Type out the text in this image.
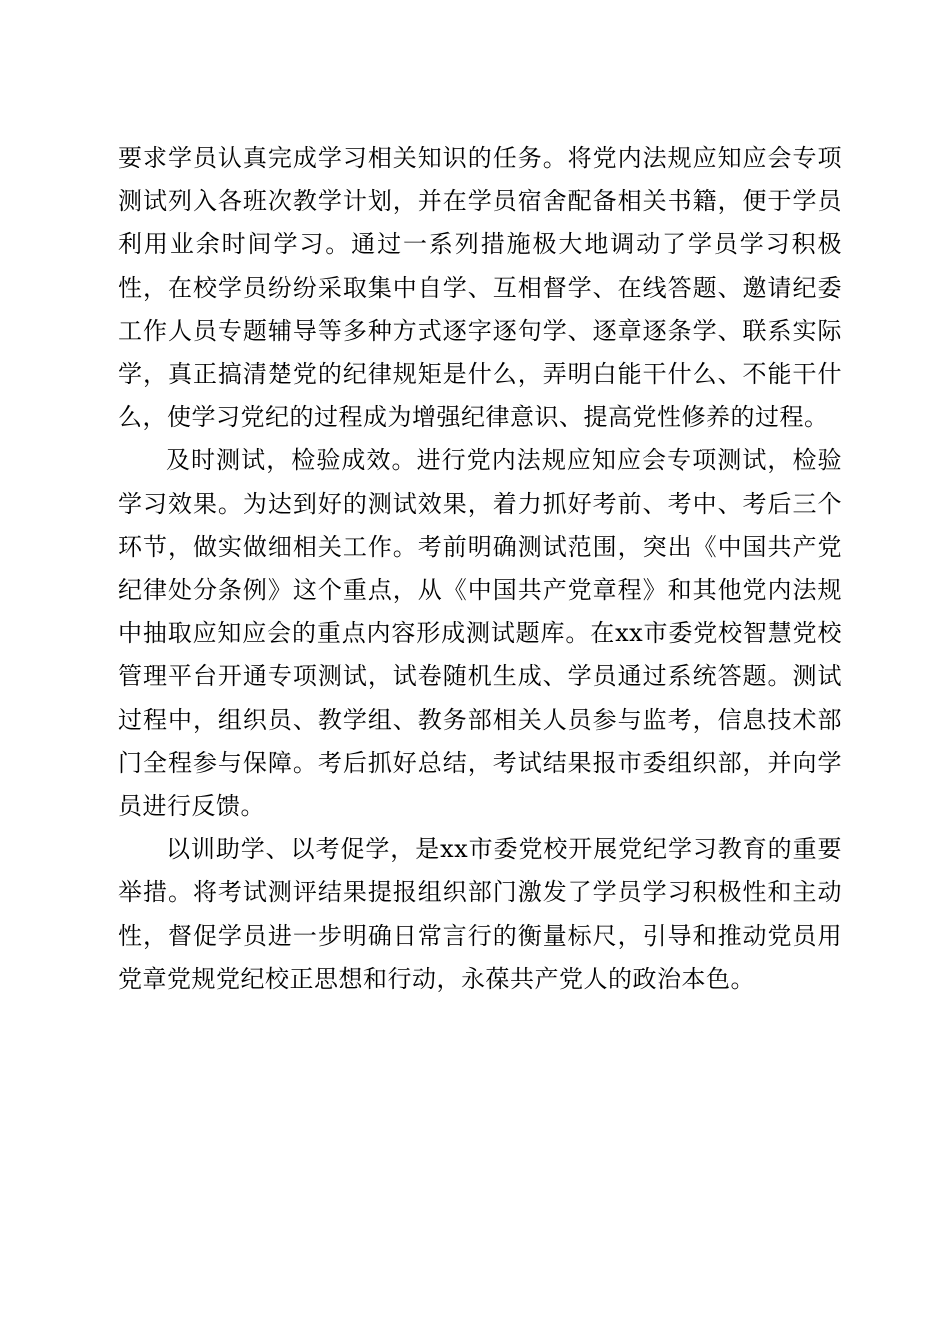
要求学员认真完成学习相关知识的任务。将党内法规应知应会专项测试列入各班次教学计划，并在学员宿舍配备相关书籍，便于学员利用业余时间学习。通过一系列措施极大地调动了学员学习积极性，在校学员纷纷采取集中自学、互相督学、在线答题、邀请纪委工作人员专题辅导等多种方式逐字逐句学、逐章逐条学、联系实际学，真正搞清楚党的纪律规矩是什么，弄明白能干什么、不能干什么，使学习党纪的过程成为增强纪律意识、提高党性修养的过程。

及时测试，检验成效。进行党内法规应知应会专项测试，检验学习效果。为达到好的测试效果，着力抓好考前、考中、考后三个环节，做实做细相关工作。考前明确测试范围，突出《中国共产党纪律处分条例》这个重点，从《中国共产党章程》和其他党内法规中抽取应知应会的重点内容形成测试题库。在xx市委党校智慧党校管理平台开通专项测试，试卷随机生成、学员通过系统答题。测试过程中，组织员、教学组、教务部相关人员参与监考，信息技术部门全程参与保障。考后抓好总结，考试结果报市委组织部，并向学员进行反馈。

以训助学、以考促学，是xx市委党校开展党纪学习教育的重要举措。将考试测评结果提报组织部门激发了学员学习积极性和主动性，督促学员进一步明确日常言行的衡量标尺，引导和推动党员用党章党规党纪校正思想和行动，永葆共产党人的政治本色。
